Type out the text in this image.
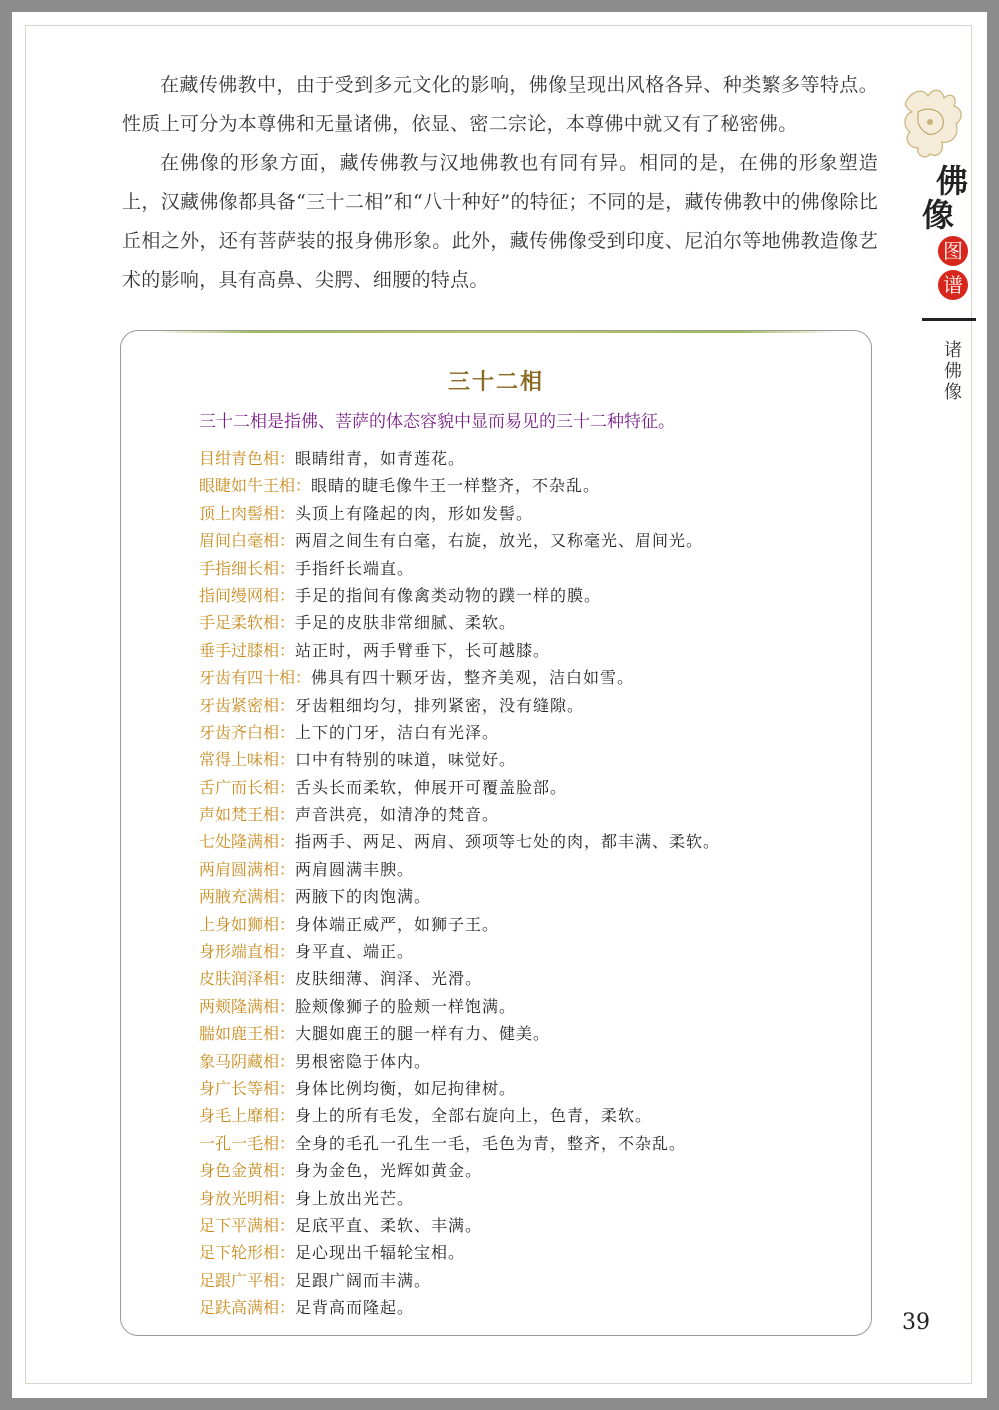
在藏传佛教中，由于受到多元文化的影响，佛像呈现出风格各异、种类繁多等特点。性质上可分为本尊佛和无量诸佛，依显、密二宗论，本尊佛中就又有了秘密佛。

在佛像的形象方面，藏传佛教与汉地佛教也有同有异。相同的是，在佛的形象塑造上，汉藏佛像都具备“三十二相”和“八十种好”的特征；不同的是，藏传佛教中的佛像除比丘相之外，还有菩萨装的报身佛形象。此外，藏传佛像受到印度、尼泊尔等地佛教造像艺术的影响，具有高鼻、尖腭、细腰的特点。

佛
像
图
谱
诸佛像
三十二相
三十二相是指佛、菩萨的体态容貌中显而易见的三十二种特征。
目绀青色相：眼睛绀青，如青莲花。
眼睫如牛王相：眼睛的睫毛像牛王一样整齐，不杂乱。
顶上肉髻相：头顶上有隆起的肉，形如发髻。
眉间白毫相：两眉之间生有白毫，右旋，放光，又称毫光、眉间光。
手指细长相：手指纤长端直。
指间缦网相：手足的指间有像禽类动物的蹼一样的膜。
手足柔软相：手足的皮肤非常细腻、柔软。
垂手过膝相：站正时，两手臂垂下，长可越膝。
牙齿有四十相：佛具有四十颗牙齿，整齐美观，洁白如雪。
牙齿紧密相：牙齿粗细均匀，排列紧密，没有缝隙。
牙齿齐白相：上下的门牙，洁白有光泽。
常得上味相：口中有特别的味道，味觉好。
舌广而长相：舌头长而柔软，伸展开可覆盖脸部。
声如梵王相：声音洪亮，如清净的梵音。
七处隆满相：指两手、两足、两肩、颈项等七处的肉，都丰满、柔软。
两肩圆满相：两肩圆满丰腴。
两腋充满相：两腋下的肉饱满。
上身如狮相：身体端正威严，如狮子王。
身形端直相：身平直、端正。
皮肤润泽相：皮肤细薄、润泽、光滑。
两颊隆满相：脸颊像狮子的脸颊一样饱满。
腨如鹿王相：大腿如鹿王的腿一样有力、健美。
象马阴藏相：男根密隐于体内。
身广长等相：身体比例均衡，如尼拘律树。
身毛上靡相：身上的所有毛发，全部右旋向上，色青，柔软。
一孔一毛相：全身的毛孔一孔生一毛，毛色为青，整齐，不杂乱。
身色金黄相：身为金色，光辉如黄金。
身放光明相：身上放出光芒。
足下平满相：足底平直、柔软、丰满。
足下轮形相：足心现出千辐轮宝相。
足跟广平相：足跟广阔而丰满。
足趺高满相：足背高而隆起。
39
